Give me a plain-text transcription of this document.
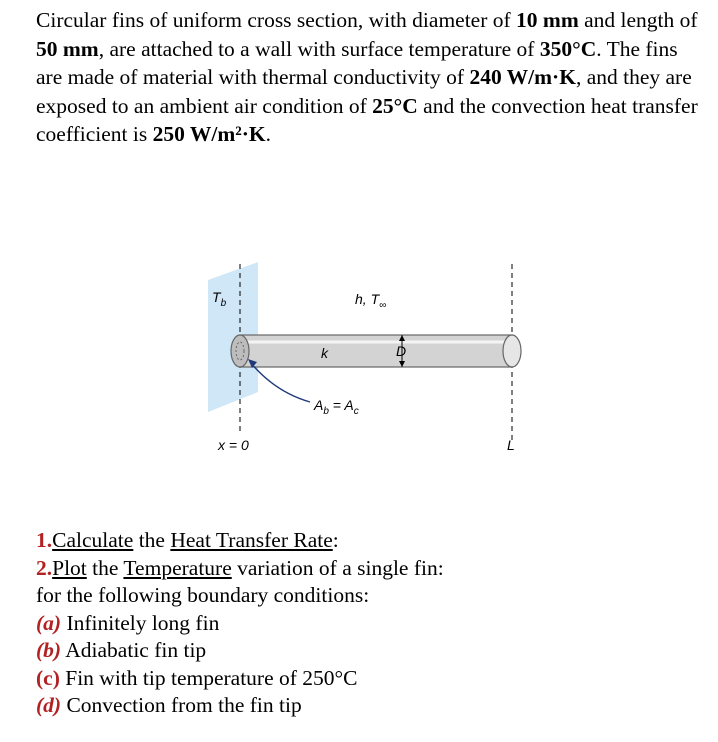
Circular fins of uniform cross section, with diameter of 10 mm and length of 50 mm, are attached to a wall with surface temperature of 350°C. The fins are made of material with thermal conductivity of 240 W/m·K, and they are exposed to an ambient air condition of 25°C and the convection heat transfer coefficient is 250 W/m²·K.
$T_b$	h, $T_\infty$
k	D
$A_b = A_c$
x = 0	L
1.Calculate the Heat Transfer Rate:
2.Plot the Temperature variation of a single fin:
for the following boundary conditions:
(a) Infinitely long fin
(b) Adiabatic fin tip
(c) Fin with tip temperature of 250°C
(d) Convection from the fin tip
